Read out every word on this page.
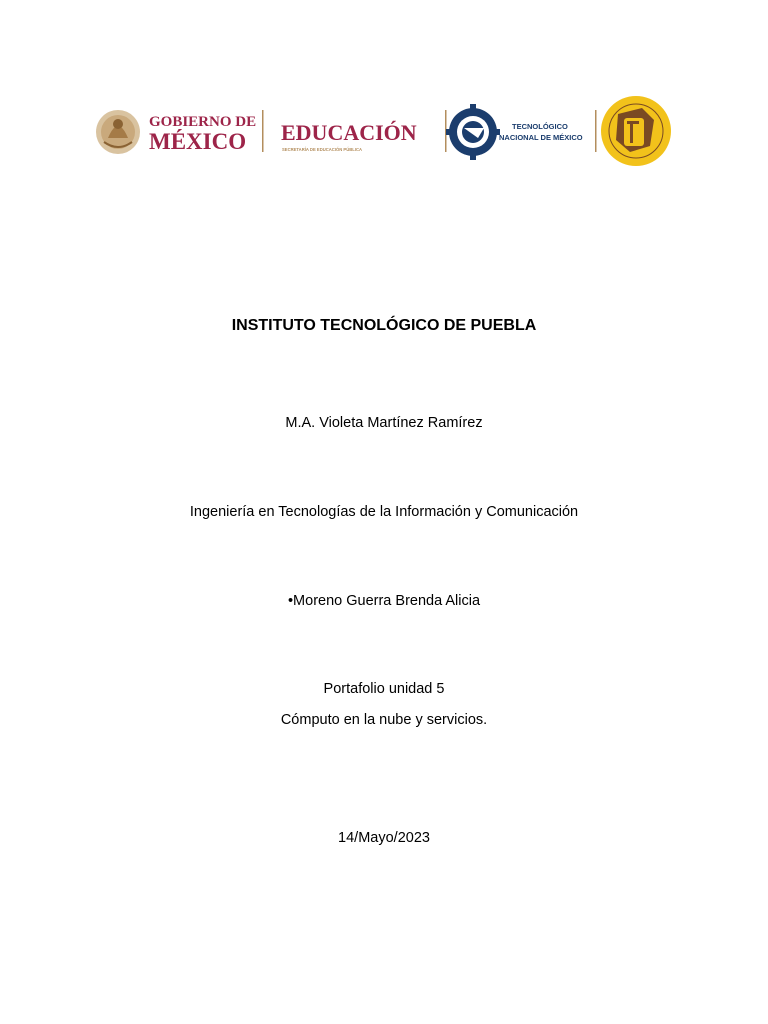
GOBIERNO DE
MÉXICO EDUCACIÓN
SECRETARÍA DE EDUCACIÓN PÚBLICA
TECNOLÓGICO
NACIONAL DE MÉXICO
INSTITUTO TECNOLÓGICO DE PUEBLA
M.A. Violeta Martínez Ramírez
Ingeniería en Tecnologías de la Información y Comunicación
•Moreno Guerra Brenda Alicia
Portafolio unidad 5
Cómputo en la nube y servicios.
14/Mayo/2023
